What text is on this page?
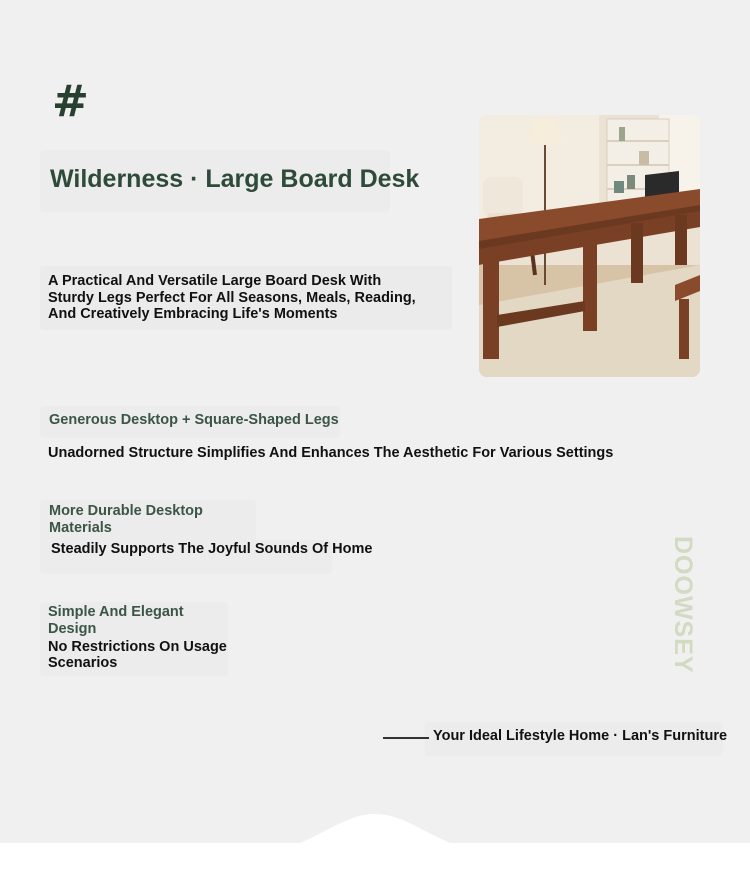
#
Wilderness · Large Board Desk
A Practical And Versatile Large Board Desk With Sturdy Legs Perfect For All Seasons, Meals, Reading, And Creatively Embracing Life's Moments
Generous Desktop + Square-Shaped Legs
Unadorned Structure Simplifies And Enhances The Aesthetic For Various Settings
More Durable Desktop Materials
Steadily Supports The Joyful Sounds Of Home
Simple And Elegant Design
No Restrictions On Usage Scenarios	DOOWSEY
Your Ideal Lifestyle Home · Lan's Furniture
